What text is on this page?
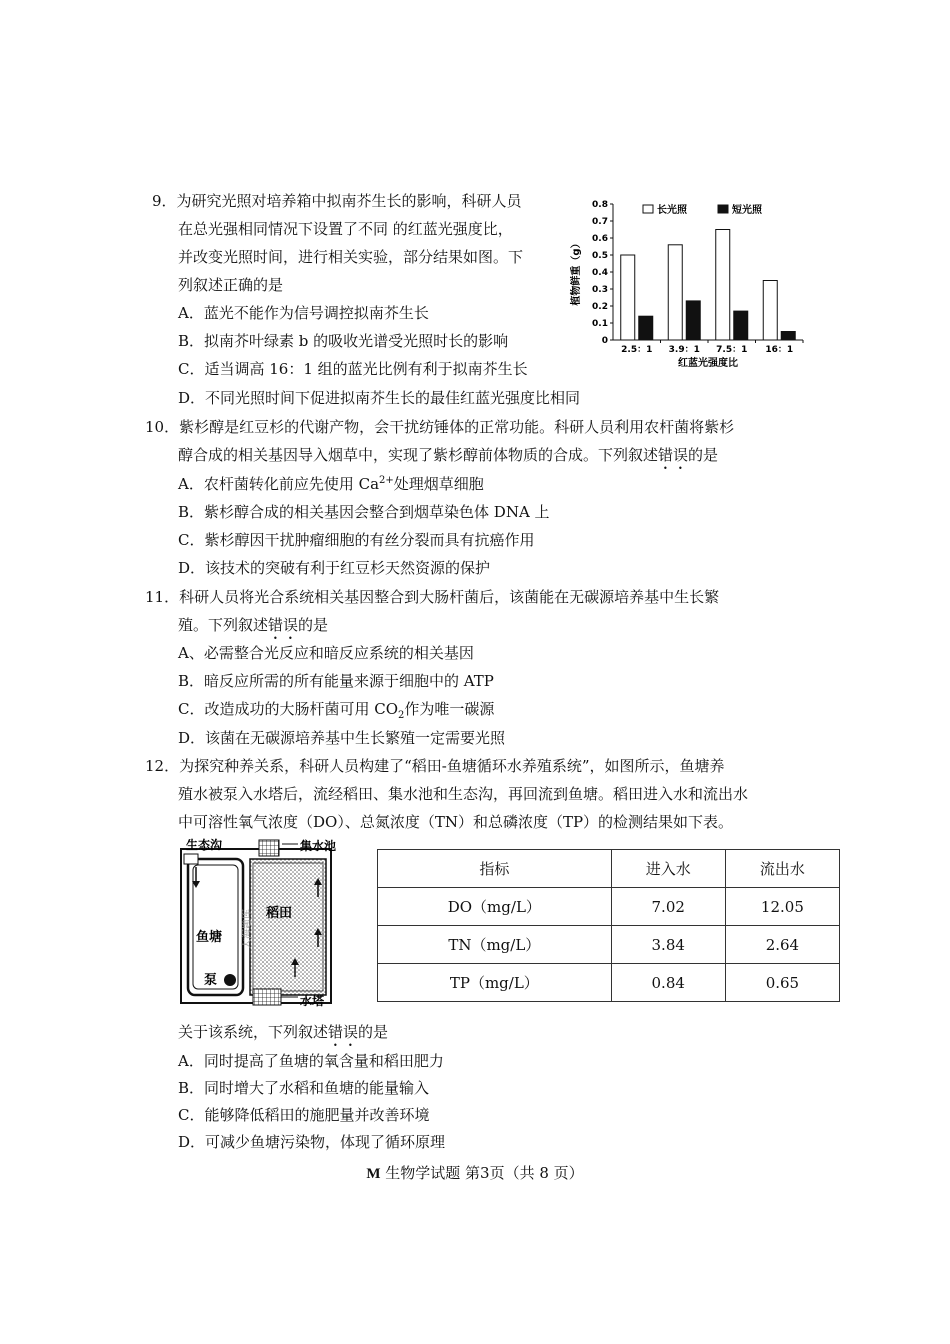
9．为研究光照对培养箱中拟南芥生长的影响，科研人员
在总光强相同情况下设置了不同 的红蓝光强度比，
并改变光照时间，进行相关实验，部分结果如图。下
列叙述正确的是
A．蓝光不能作为信号调控拟南芥生长
B．拟南芥叶绿素 b 的吸收光谱受光照时长的影响
C．适当调高 16：1 组的蓝光比例有利于拟南芥生长
D．不同光照时间下促进拟南芥生长的最佳红蓝光强度比相同
0
0.1
0.2
0.3
0.4
0.5
0.6
0.7
0.8
植物鲜重（g）
2.5：1 3.9：1 7.5：1 16：1
红蓝光强度比
长光照	短光照
10．紫杉醇是红豆杉的代谢产物，会干扰纺锤体的正常功能。科研人员利用农杆菌将紫杉
醇合成的相关基因导入烟草中，实现了紫杉醇前体物质的合成。下列叙述错误的是
A．农杆菌转化前应先使用 $Ca^{2+}$处理烟草细胞
B．紫杉醇合成的相关基因会整合到烟草染色体 DNA 上
C．紫杉醇因干扰肿瘤细胞的有丝分裂而具有抗癌作用
D．该技术的突破有利于红豆杉天然资源的保护
11．科研人员将光合系统相关基因整合到大肠杆菌后，该菌能在无碳源培养基中生长繁
殖。下列叙述错误的是
A、必需整合光反应和暗反应系统的相关基因
B．暗反应所需的所有能量来源于细胞中的 ATP
C．改造成功的大肠杆菌可用 $CO_2$作为唯一碳源
D．该菌在无碳源培养基中生长繁殖一定需要光照
12．为探究种养关系，科研人员构建了“稻田-鱼塘循环水养殖系统”，如图所示，鱼塘养
殖水被泵入水塔后，流经稻田、集水池和生态沟，再回流到鱼塘。稻田进入水和流出水
中可溶性氧气浓度（DO）、总氮浓度（TN）和总磷浓度（TP）的检测结果如下表。
生态沟	集水池
稻田
鱼塘
泵
水塔
大海题库
指标	进入水	流出水
DO（mg/L）	7.02	12.05
TN（mg/L）	3.84	2.64
TP（mg/L）	0.84	0.65
关于该系统，下列叙述错误的是
A．同时提高了鱼塘的氧含量和稻田肥力
B．同时增大了水稻和鱼塘的能量输入
C．能够降低稻田的施肥量并改善环境
D．可减少鱼塘污染物，体现了循环原理
M 生物学试题 第3页（共 8 页）
